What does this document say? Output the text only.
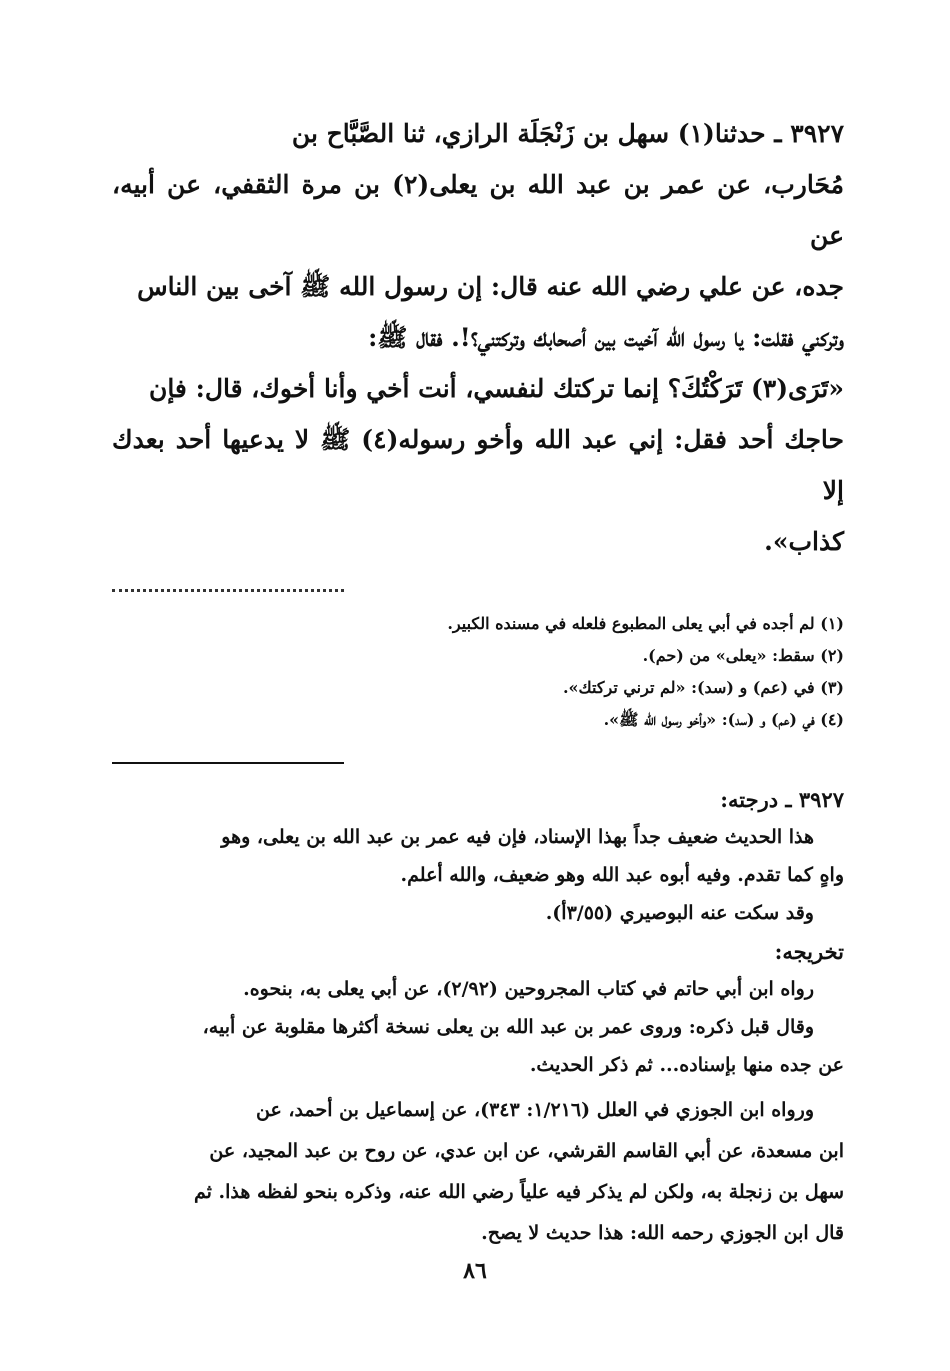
٣٩٢٧ ـ حدثنا(١) سهل بن زَنْجَلَة الرازي، ثنا الصَّبَّاح بن

مُحَارب، عن عمر بن عبد الله بن يعلى(٢) بن مرة الثقفي، عن أبيه، عن

جده، عن علي رضي الله عنه قال: إن رسول الله ﷺ آخى بين الناس

وتركني فقلت: يا رسول الله آخيت بين أصحابك وتركتني؟!. فقال ﷺ:

«تَرَى(٣) تَرَكْتُكَ؟ إنما تركتك لنفسي، أنت أخي وأنا أخوك، قال: فإن

حاجك أحد فقل: إني عبد الله وأخو رسوله(٤) ﷺ لا يدعيها أحد بعدك إلا

كذاب».

(١) لم أجده في أبي يعلى المطبوع فلعله في مسنده الكبير.
(٢) سقط: «يعلى» من (حم).
(٣) في (عم) و (سد): «لم ترني تركتك».
(٤) في (عم) و (سد): «وأخو رسول الله ﷺ».
٣٩٢٧ ـ درجته:

هذا الحديث ضعيف جداً بهذا الإسناد، فإن فيه عمر بن عبد الله بن يعلى، وهو

واهٍ كما تقدم. وفيه أبوه عبد الله وهو ضعيف، والله أعلم.

وقد سكت عنه البوصيري (٣/٥٥أ).

تخريجه:

رواه ابن أبي حاتم في كتاب المجروحين (٢/٩٢)، عن أبي يعلى به، بنحوه.

وقال قبل ذكره: وروى عمر بن عبد الله بن يعلى نسخة أكثرها مقلوبة عن أبيه،

عن جده منها بإسناده... ثم ذكر الحديث.

ورواه ابن الجوزي في العلل (١/٢١٦: ٣٤٣)، عن إسماعيل بن أحمد، عن

ابن مسعدة، عن أبي القاسم القرشي، عن ابن عدي، عن روح بن عبد المجيد، عن

سهل بن زنجلة به، ولكن لم يذكر فيه علياً رضي الله عنه، وذكره بنحو لفظه هذا. ثم

قال ابن الجوزي رحمه الله: هذا حديث لا يصح.

٨٦
